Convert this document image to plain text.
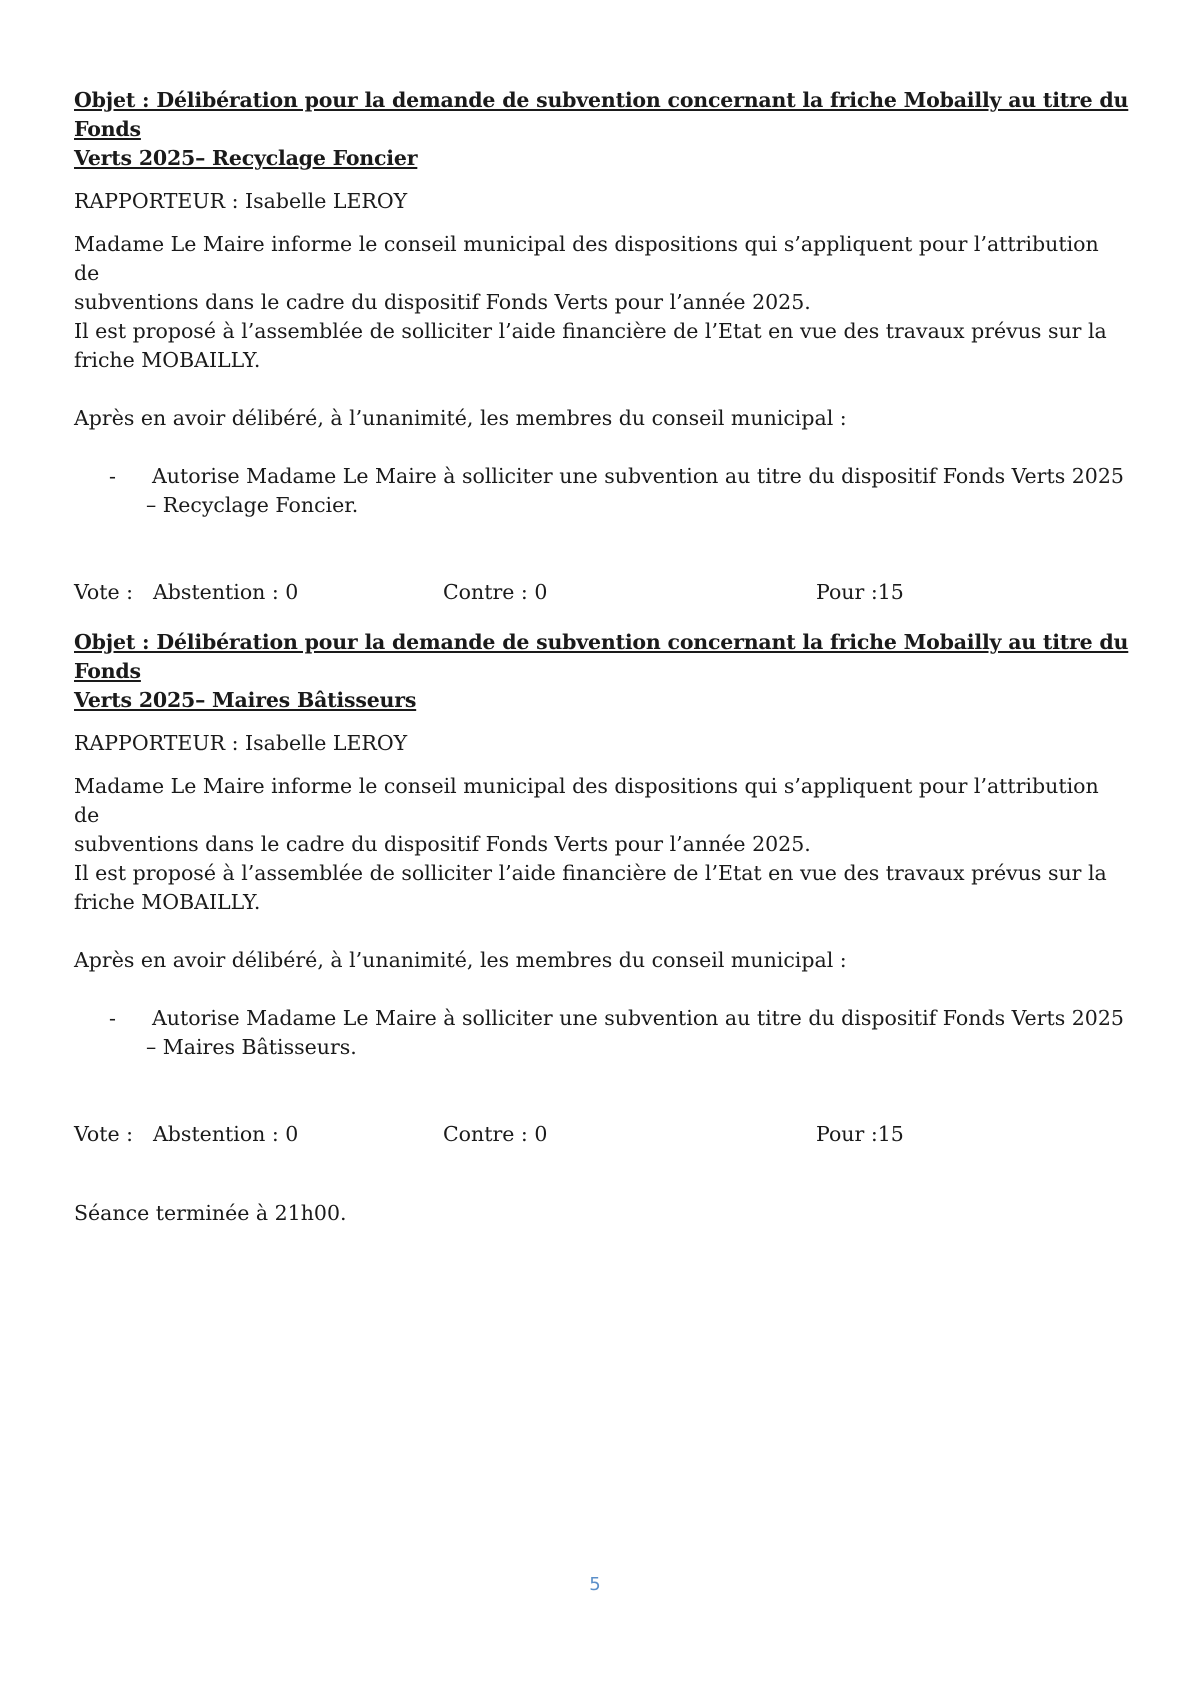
Objet : Délibération pour la demande de subvention concernant la friche Mobailly au titre du Fonds
Verts 2025– Recyclage Foncier
RAPPORTEUR : Isabelle LEROY
Madame Le Maire informe le conseil municipal des dispositions qui s’appliquent pour l’attribution de
subventions dans le cadre du dispositif Fonds Verts pour l’année 2025.
Il est proposé à l’assemblée de solliciter l’aide financière de l’Etat en vue des travaux prévus sur la
friche MOBAILLY.
Après en avoir délibéré, à l’unanimité, les membres du conseil municipal :
- Autorise Madame Le Maire à solliciter une subvention au titre du dispositif Fonds Verts 2025
– Recyclage Foncier.
Vote : Abstention : 0	Contre : 0	Pour :15
Objet : Délibération pour la demande de subvention concernant la friche Mobailly au titre du Fonds
Verts 2025– Maires Bâtisseurs
RAPPORTEUR : Isabelle LEROY
Madame Le Maire informe le conseil municipal des dispositions qui s’appliquent pour l’attribution de
subventions dans le cadre du dispositif Fonds Verts pour l’année 2025.
Il est proposé à l’assemblée de solliciter l’aide financière de l’Etat en vue des travaux prévus sur la
friche MOBAILLY.
Après en avoir délibéré, à l’unanimité, les membres du conseil municipal :
- Autorise Madame Le Maire à solliciter une subvention au titre du dispositif Fonds Verts 2025
– Maires Bâtisseurs.
Vote : Abstention : 0	Contre : 0	Pour :15
Séance terminée à 21h00.
5
